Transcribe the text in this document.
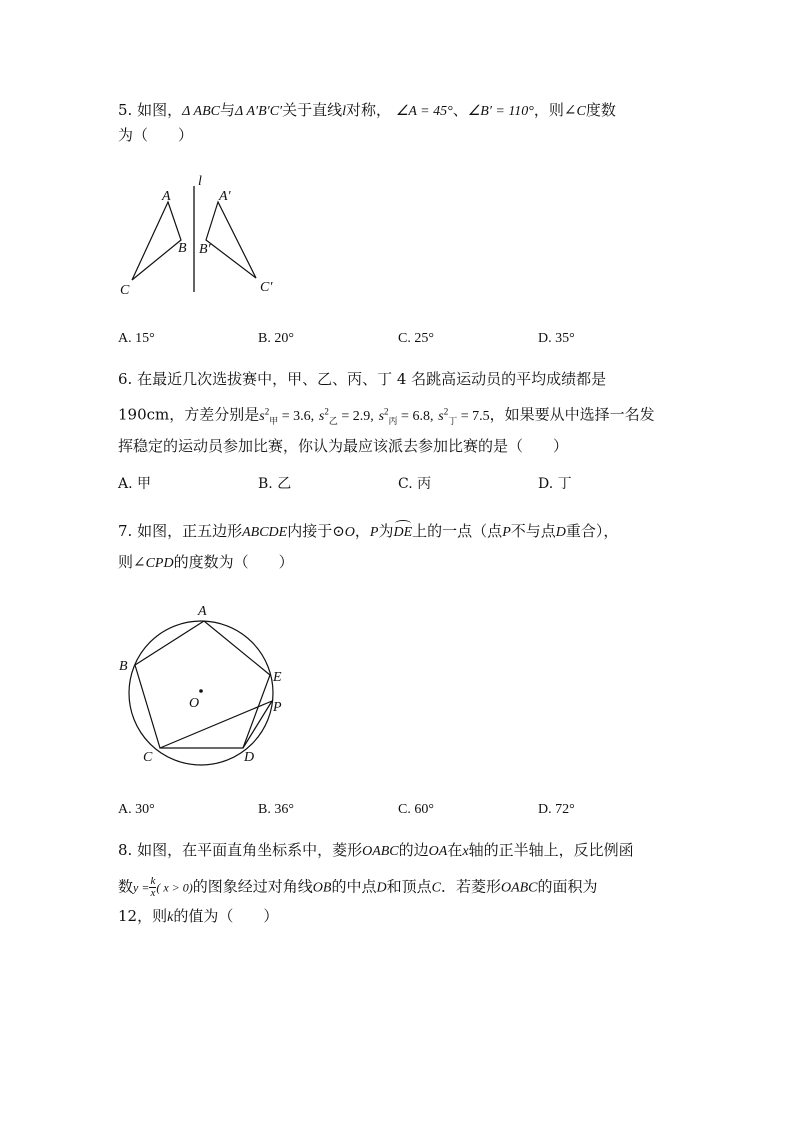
5. 如图，Δ ABC与Δ A′B′C′关于直线l对称， ∠A = 45°、∠B′ = 110°，则∠C度数
为（　　）
l
A
B
C
A′
B′
C′
A. 15°	B. 20°	C. 25°	D. 35°
6. 在最近几次选拔赛中，甲、乙、丙、丁 4 名跳高运动员的平均成绩都是
190cm，方差分别是$s^2_甲 = 3.6$, $s^2_乙 = 2.9$, $s^2_丙 = 6.8$, $s^2_丁 = 7.5$，如果要从中选择一名发
挥稳定的运动员参加比赛，你认为最应该派去参加比赛的是（　　）
A. 甲	B. 乙	C. 丙	D. 丁
7. 如图，正五边形ABCDE内接于⊙O，P为DE上的一点（点P不与点D重合），
则∠CPD的度数为（　　）
A
B
C	D
E
O	P
A. 30°	B. 36°	C. 60°	D. 72°
8. 如图，在平面直角坐标系中，菱形OABC的边OA在x轴的正半轴上，反比例函
数$y = \frac{k}{x}$ ( x > 0)的图象经过对角线OB的中点D和顶点C．若菱形OABC的面积为
12，则k的值为（　　）
